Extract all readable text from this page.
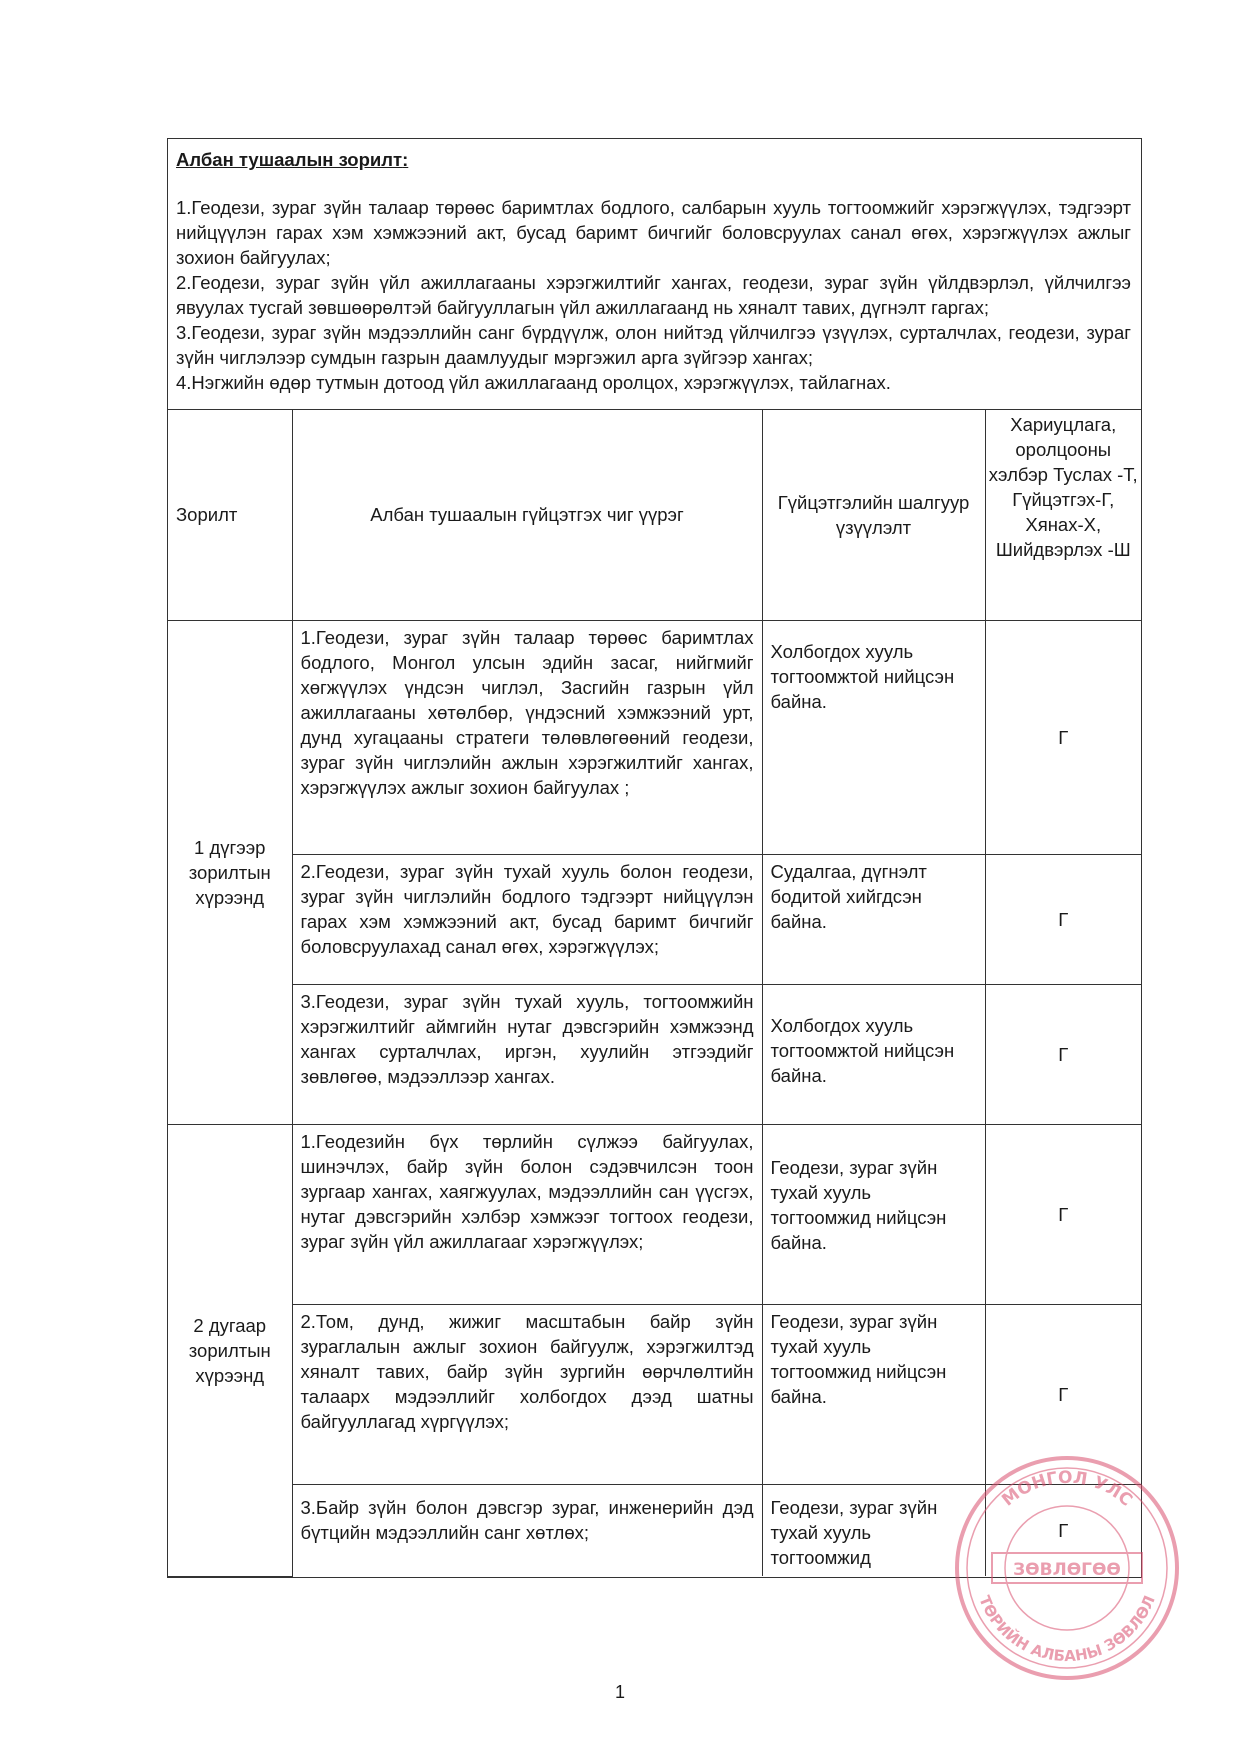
Албан тушаалын зорилт:

1.Геодези, зураг зүйн талаар төрөөс баримтлах бодлого, салбарын хууль тогтоомжийг хэрэгжүүлэх, тэдгээрт нийцүүлэн гарах хэм хэмжээний акт, бусад баримт бичгийг боловсруулах санал өгөх, хэрэгжүүлэх ажлыг зохион байгуулах;

2.Геодези, зураг зүйн үйл ажиллагааны хэрэгжилтийг хангах, геодези, зураг зүйн үйлдвэрлэл, үйлчилгээ явуулах тусгай зөвшөөрөлтэй байгууллагын үйл ажиллагаанд нь хяналт тавих, дүгнэлт гаргах;

3.Геодези, зураг зүйн мэдээллийн санг бүрдүүлж, олон нийтэд үйлчилгээ үзүүлэх, сурталчлах, геодези, зураг зүйн чиглэлээр сумдын газрын даамлуудыг мэргэжил арга зүйгээр хангах;

4.Нэгжийн өдөр тутмын дотоод үйл ажиллагаанд оролцох, хэрэгжүүлэх, тайлагнах.

Зорилт	Албан тушаалын гүйцэтгэх чиг үүрэг	Гүйцэтгэлийн шалгуур үзүүлэлт	Хариуцлага, оролцооны хэлбэр Туслах -Т, Гүйцэтгэх-Г, Хянах-Х, Шийдвэрлэх -Ш
1 дүгээр зорилтын хүрээнд	1.Геодези, зураг зүйн талаар төрөөс баримтлах бодлого, Монгол улсын эдийн засаг, нийгмийг хөгжүүлэх үндсэн чиглэл, Засгийн газрын үйл ажиллагааны хөтөлбөр, үндэсний хэмжээний урт, дунд хугацааны стратеги төлөвлөгөөний геодези, зураг зүйн чиглэлийн ажлын хэрэгжилтийг хангах, хэрэгжүүлэх ажлыг зохион байгуулах ;	Холбогдох хууль тогтоомжтой нийцсэн байна.	Г
	2.Геодези, зураг зүйн тухай хууль болон геодези, зураг зүйн чиглэлийн бодлого тэдгээрт нийцүүлэн гарах хэм хэмжээний акт, бусад баримт бичгийг боловсруулахад санал өгөх, хэрэгжүүлэх;	Судалгаа, дүгнэлт бодитой хийгдсэн байна.	Г
	3.Геодези, зураг зүйн тухай хууль, тогтоомжийн хэрэгжилтийг аймгийн нутаг дэвсгэрийн хэмжээнд хангах сурталчлах, иргэн, хуулийн этгээдийг зөвлөгөө, мэдээллээр хангах.	Холбогдох хууль тогтоомжтой нийцсэн байна.	Г
2 дугаар зорилтын хүрээнд	1.Геодезийн бүх төрлийн сүлжээ байгуулах, шинэчлэх, байр зүйн болон сэдэвчилсэн тоон зургаар хангах, хаягжуулах, мэдээллийн сан үүсгэх, нутаг дэвсгэрийн хэлбэр хэмжээг тогтоох геодези, зураг зүйн үйл ажиллагааг хэрэгжүүлэх;	Геодези, зураг зүйн тухай хууль тогтоомжид нийцсэн байна.	Г
	2.Том, дунд, жижиг масштабын байр зүйн зураглалын ажлыг зохион байгуулж, хэрэгжилтэд хяналт тавих, байр зүйн зургийн өөрчлөлтийн талаарх мэдээллийг холбогдох дээд шатны байгууллагад хүргүүлэх;	Геодези, зураг зүйн тухай хууль тогтоомжид нийцсэн байна.	Г
	3.Байр зүйн болон дэвсгэр зураг, инженерийн дэд бүтцийн мэдээллийн санг хөтлөх;	Геодези, зураг зүйн тухай хууль тогтоомжид	Г
МОНГОЛ УЛС
ТӨРИЙН АЛБАНЫ ЗӨВЛӨЛ
ЗӨВЛӨГӨӨ
1
